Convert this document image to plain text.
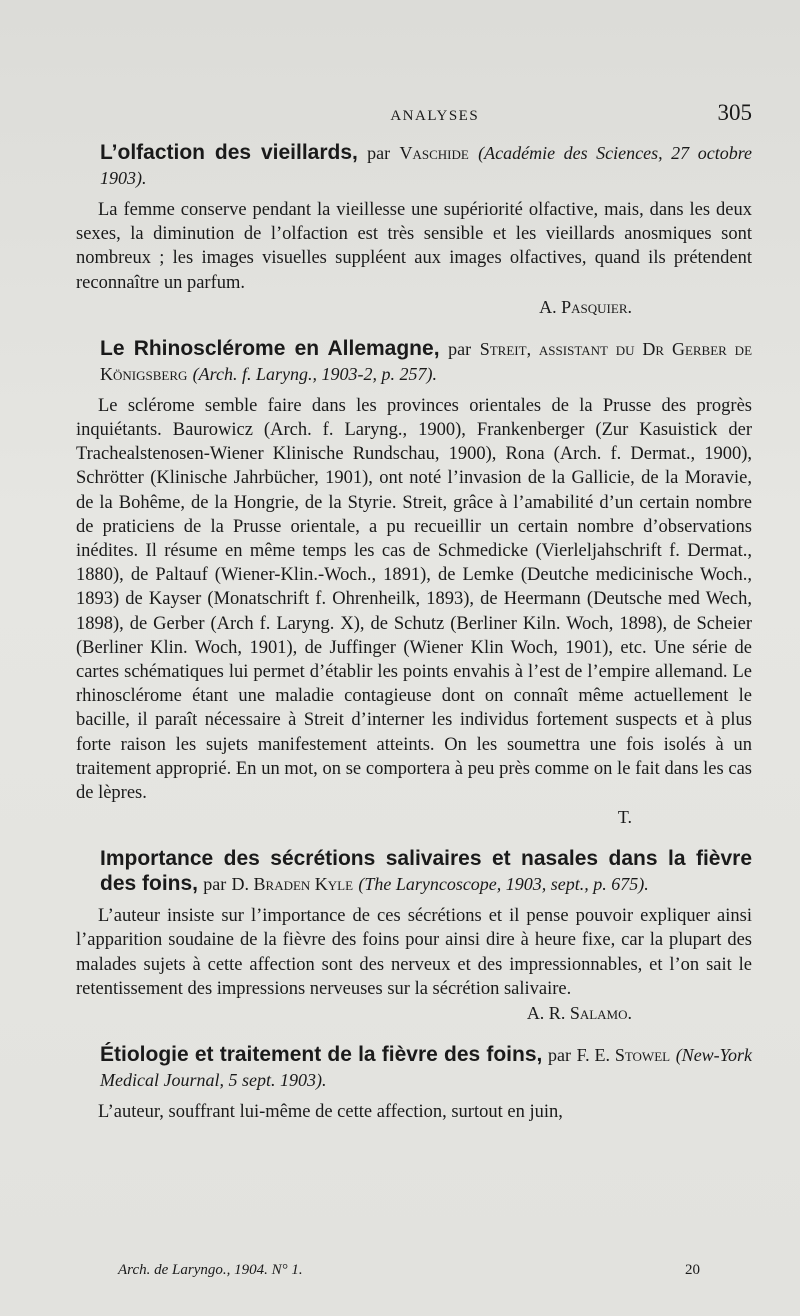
ANALYSES	305

L’olfaction des vieillards, par Vaschide (Académie des Sciences, 27 octobre 1903).

La femme conserve pendant la vieillesse une supériorité olfactive, mais, dans les deux sexes, la diminution de l’olfaction est très sensible et les vieillards anosmiques sont nombreux ; les images visuelles suppléent aux images olfactives, quand ils prétendent reconnaître un parfum.

A. Pasquier.

Le Rhinosclérome en Allemagne, par Streit, assistant du Dr Gerber de Königsberg (Arch. f. Laryng., 1903-2, p. 257).

Le sclérome semble faire dans les provinces orientales de la Prusse des progrès inquiétants. Baurowicz (Arch. f. Laryng., 1900), Frankenberger (Zur Kasuistick der Trachealstenosen-Wiener Klinische Rundschau, 1900), Rona (Arch. f. Dermat., 1900), Schrötter (Klinische Jahrbücher, 1901), ont noté l’invasion de la Gallicie, de la Moravie, de la Bohême, de la Hongrie, de la Styrie. Streit, grâce à l’amabilité d’un certain nombre de praticiens de la Prusse orientale, a pu recueillir un certain nombre d’observations inédites. Il résume en même temps les cas de Schmedicke (Vierleljahschrift f. Dermat., 1880), de Paltauf (Wiener-Klin.-Woch., 1891), de Lemke (Deutche medicinische Woch., 1893) de Kayser (Monatschrift f. Ohrenheilk, 1893), de Heermann (Deutsche med Wech, 1898), de Gerber (Arch f. Laryng. X), de Schutz (Berliner Kiln. Woch, 1898), de Scheier (Berliner Klin. Woch, 1901), de Juffinger (Wiener Klin Woch, 1901), etc. Une série de cartes schématiques lui permet d’établir les points envahis à l’est de l’empire allemand. Le rhinosclérome étant une maladie contagieuse dont on connaît même actuellement le bacille, il paraît nécessaire à Streit d’interner les individus fortement suspects et à plus forte raison les sujets manifestement atteints. On les soumettra une fois isolés à un traitement approprié. En un mot, on se comportera à peu près comme on le fait dans les cas de lèpres.

T.

Importance des sécrétions salivaires et nasales dans la fièvre des foins, par D. Braden Kyle (The Laryncoscope, 1903, sept., p. 675).

L’auteur insiste sur l’importance de ces sécrétions et il pense pouvoir expliquer ainsi l’apparition soudaine de la fièvre des foins pour ainsi dire à heure fixe, car la plupart des malades sujets à cette affection sont des nerveux et des impressionnables, et l’on sait le retentissement des impressions nerveuses sur la sécrétion salivaire.

A. R. Salamo.

Étiologie et traitement de la fièvre des foins, par F. E. Stowel (New-York Medical Journal, 5 sept. 1903).

L’auteur, souffrant lui-même de cette affection, surtout en juin,

Arch. de Laryngo., 1904. N° 1.	20
